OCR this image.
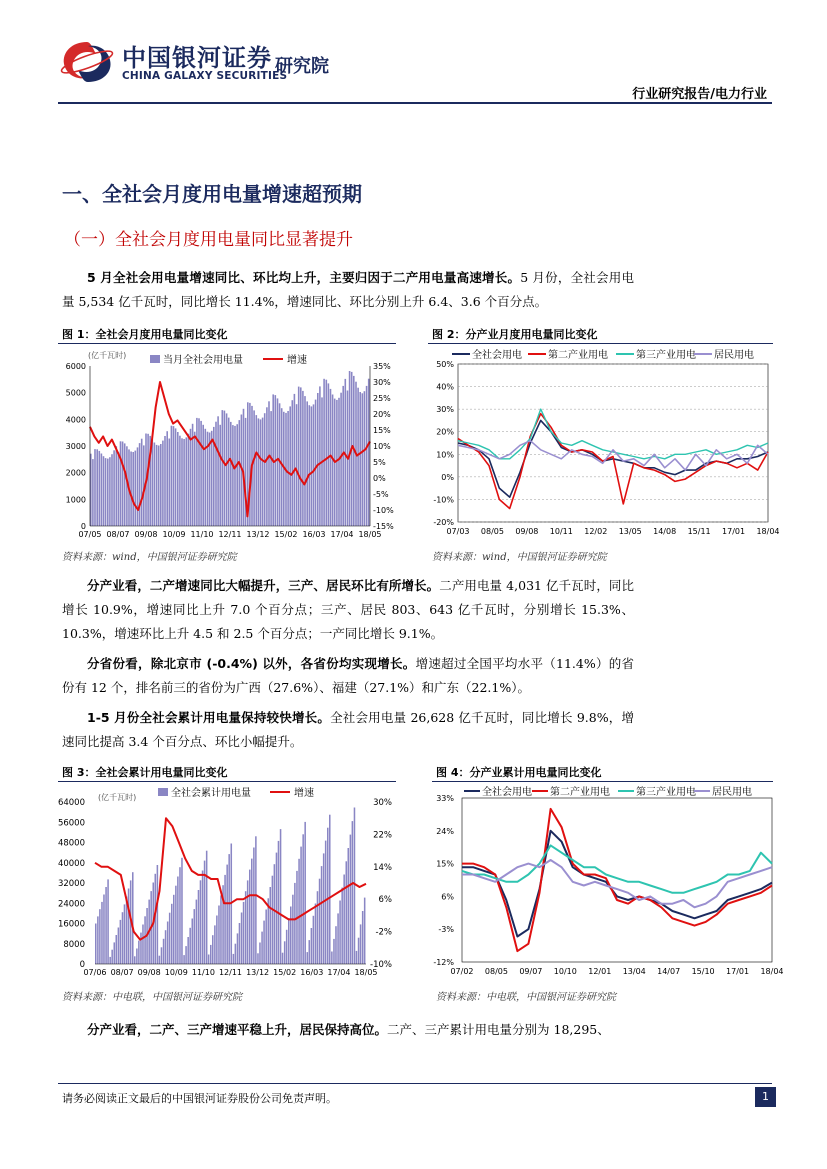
中国银河证券
CHINA GALAXY SECURITIES
研究院
行业研究报告/电力行业
一、全社会月度用电量增速超预期
（一）全社会月度用电量同比显著提升

5 月全社会用电量增速同比、环比均上升，主要归因于二产用电量高速增长。5 月份，全社会用电量 5,534 亿千瓦时，同比增长 11.4%，增速同比、环比分别上升 6.4、3.6 个百分点。

图 1：全社会月度用电量同比变化	图 2：分产业月度用电量同比变化
(亿千瓦时)
0
1000
2000
3000
4000
5000
6000
-15%
-10%
-5%
0%
5%
10%
15%
20%
25%
30%
35%
07/05 08/07 09/08 10/09 11/10 12/11 13/12 15/02 16/03 17/04 18/05
当月全社会用电量	增速
-20%
-10%
0%
10%
20%
30%
40%
50%
07/03 08/05 09/08 10/11 12/02 13/05 14/08 15/11 17/01 18/04
全社会用电	第二产业用电	第三产业用电 居民用电
资料来源：wind，中国银河证券研究院	资料来源：wind，中国银河证券研究院

分产业看，二产增速同比大幅提升，三产、居民环比有所增长。二产用电量 4,031 亿千瓦时，同比增长 10.9%，增速同比上升 7.0 个百分点；三产、居民 803、643 亿千瓦时，分别增长 15.3%、10.3%，增速环比上升 4.5 和 2.5 个百分点；一产同比增长 9.1%。

分省份看，除北京市 (-0.4%) 以外，各省份均实现增长。增速超过全国平均水平（11.4%）的省份有 12 个，排名前三的省份为广西（27.6%）、福建（27.1%）和广东（22.1%）。

1-5 月份全社会累计用电量保持较快增长。全社会用电量 26,628 亿千瓦时，同比增长 9.8%，增速同比提高 3.4 个百分点、环比小幅提升。

图 3：全社会累计用电量同比变化	图 4：分产业累计用电量同比变化
(亿千瓦时)
0
8000
16000
24000
32000
40000
48000
56000
64000
-10%
-2%
6%
14%
22%
30%
07/06 08/07 09/08 10/09 11/10 12/11 13/12 15/02 16/03 17/04 18/05
全社会累计用电量	增速
-12%
-3%
6%
15%
24%
33%
07/02 08/05 09/07 10/10 12/01 13/04 14/07 15/10 17/01 18/04
全社会用电 第二产业用电	第三产业用电 居民用电
资料来源：中电联，中国银河证券研究院	资料来源：中电联，中国银河证券研究院

分产业看，二产、三产增速平稳上升，居民保持高位。二产、三产累计用电量分别为 18,295、

请务必阅读正文最后的中国银河证券股份公司免责声明。	1
